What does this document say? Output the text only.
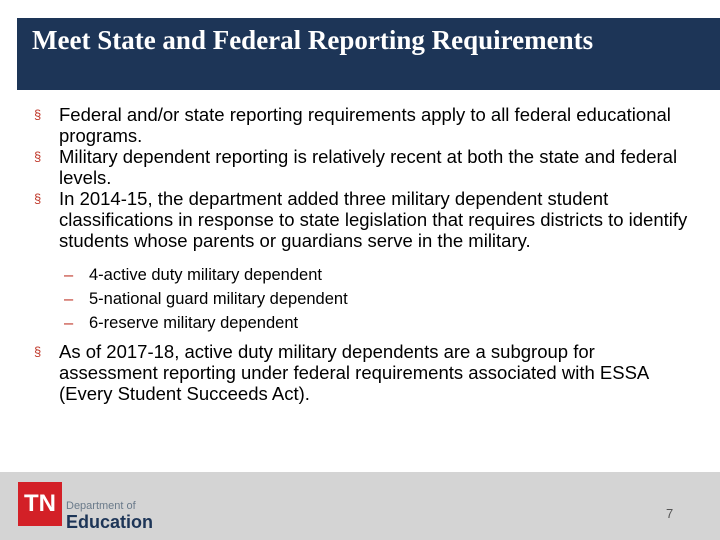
Meet State and Federal Reporting Requirements
§ Federal and/or state reporting requirements apply to all federal educational programs.
§ Military dependent reporting is relatively recent at both the state and federal levels.
§ In 2014-15, the department added three military dependent student classifications in response to state legislation that requires districts to identify students whose parents or guardians serve in the military.
– 4-active duty military dependent
– 5-national guard military dependent
– 6-reserve military dependent
§ As of 2017-18, active duty military dependents are a subgroup for assessment reporting under federal requirements associated with ESSA (Every Student Succeeds Act).
TN Department of
Education	7
